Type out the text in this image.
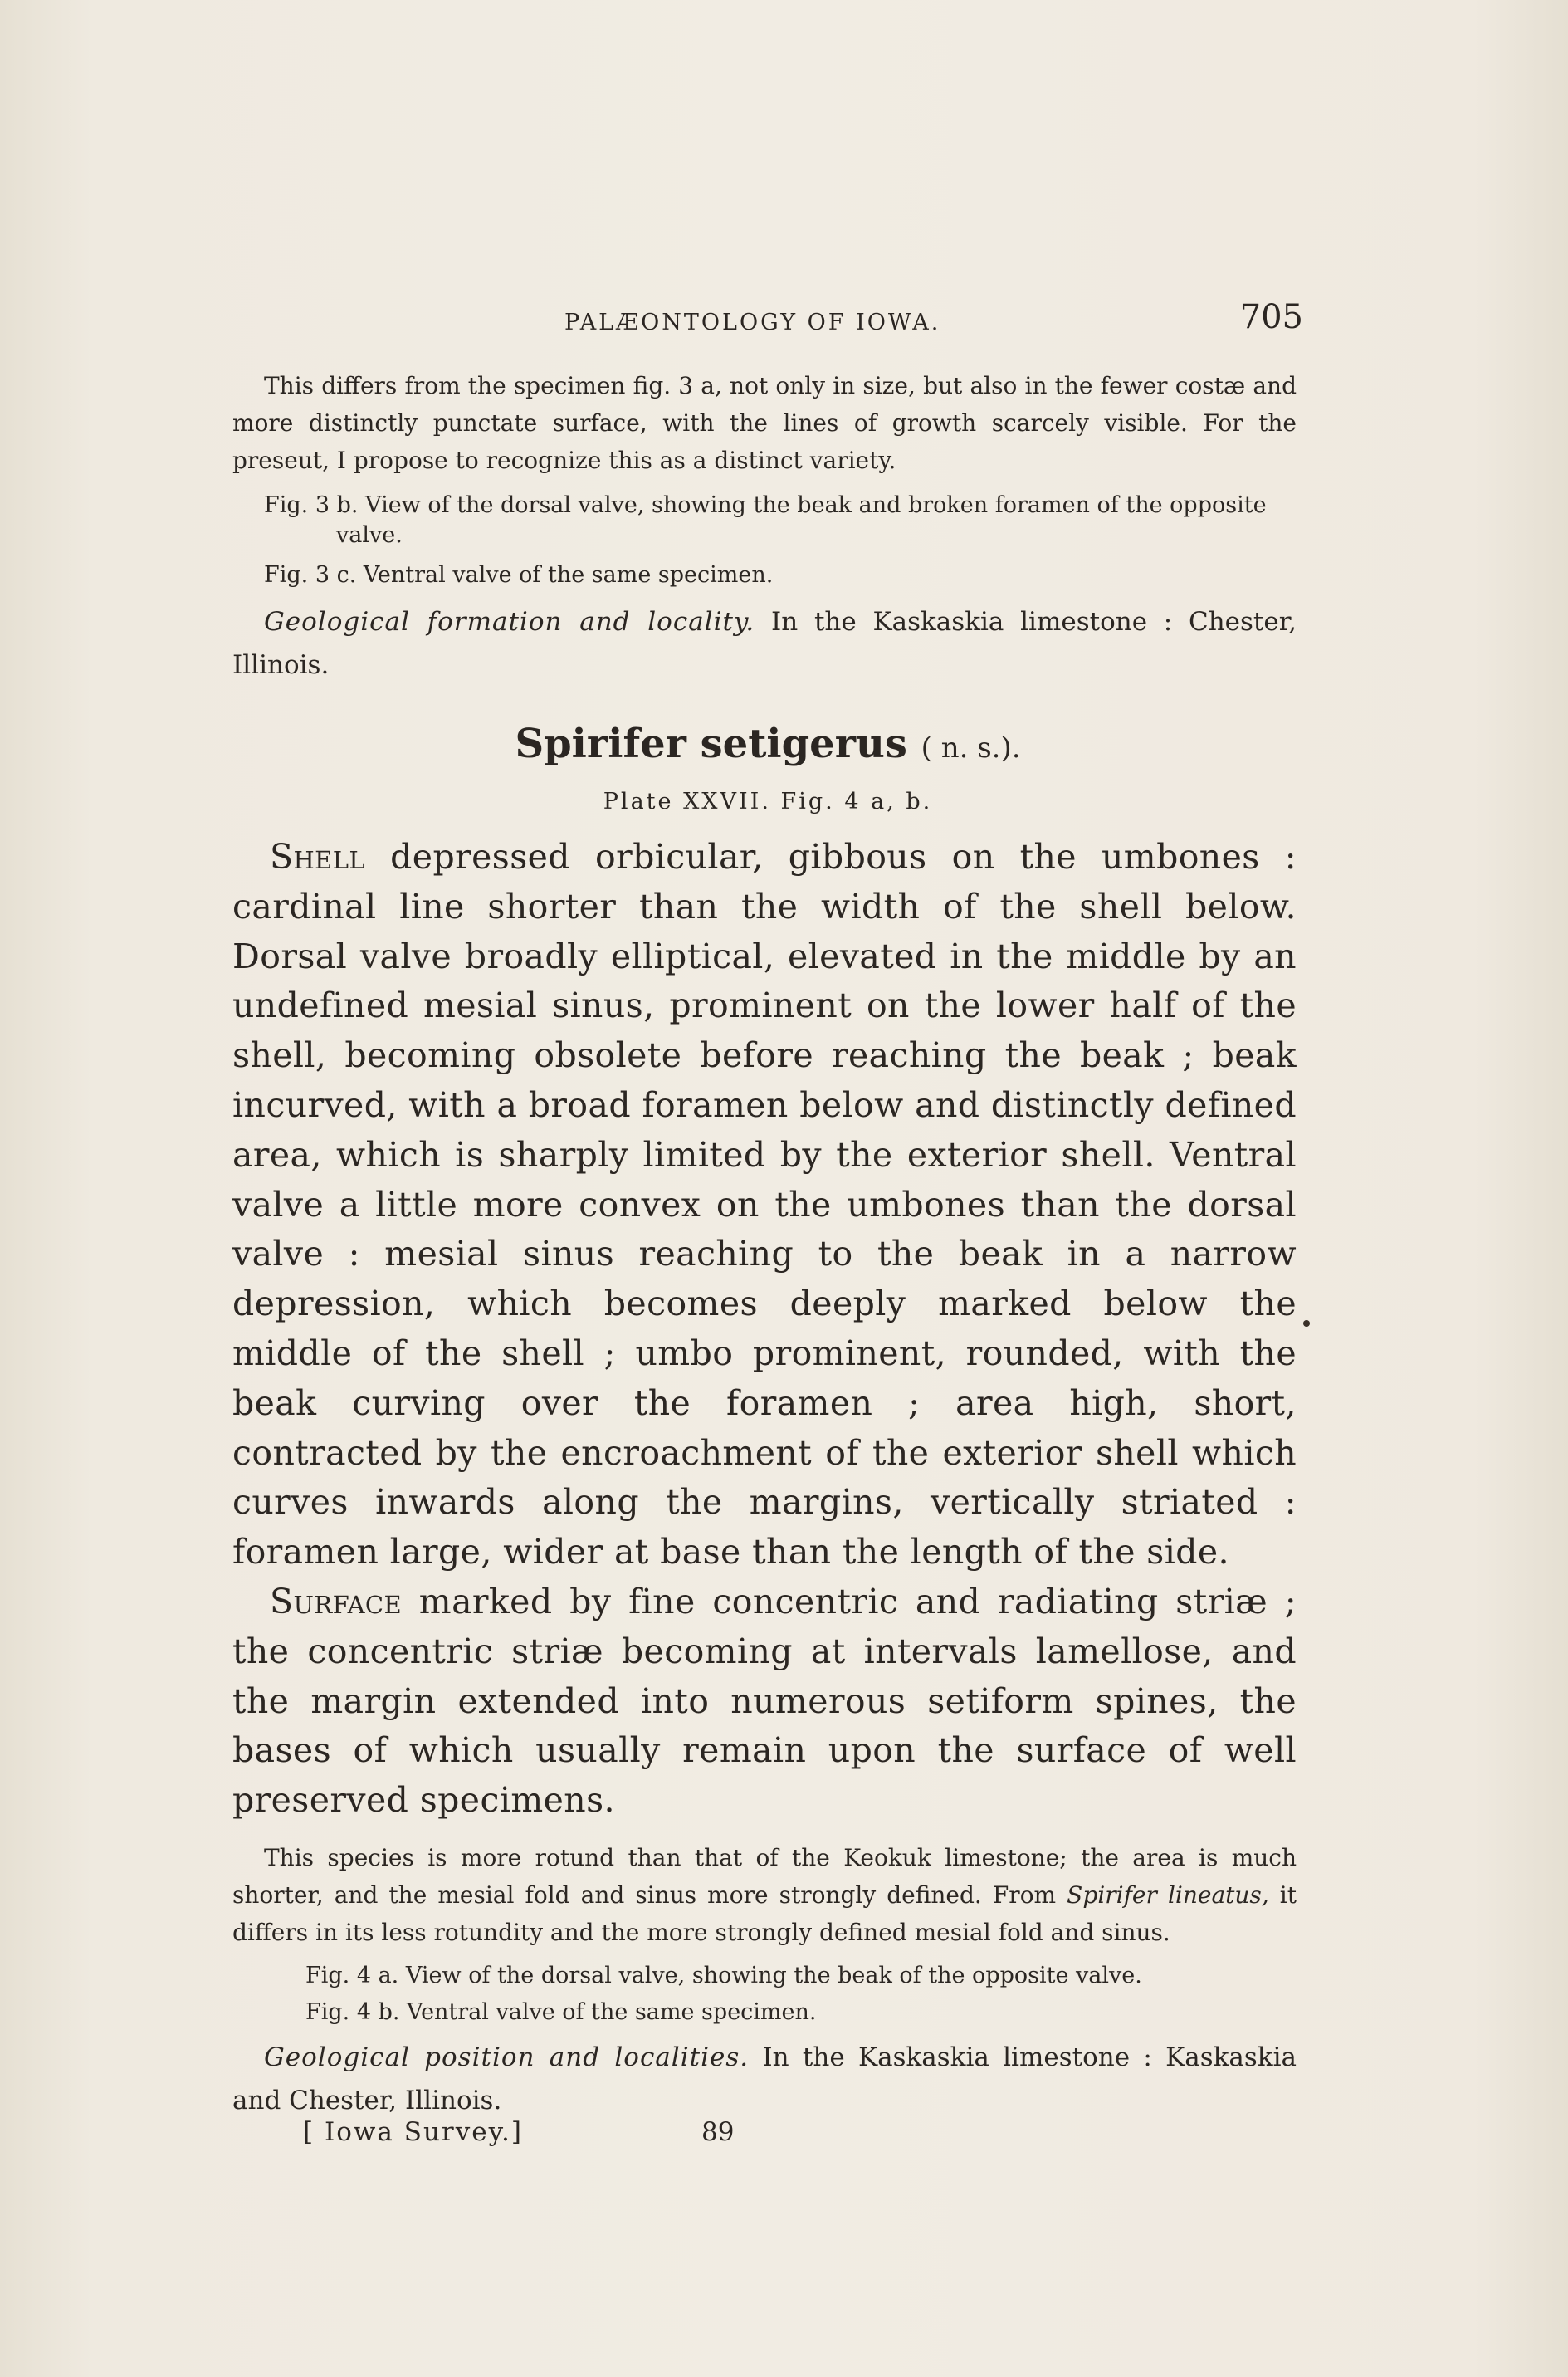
PALÆONTOLOGY OF IOWA.	705

This differs from the specimen fig. 3 a, not only in size, but also in the fewer costæ and more distinctly punctate surface, with the lines of growth scarcely visible. For the preseut, I propose to recognize this as a distinct variety.

Fig. 3 b. View of the dorsal valve, showing the beak and broken foramen of the opposite valve.

Fig. 3 c. Ventral valve of the same specimen.

Geological formation and locality. In the Kaskaskia limestone : Chester, Illinois.

Spirifer setigerus ( n. s.).
Plate XXVII. Fig. 4 a, b.

Shell depressed orbicular, gibbous on the umbones : cardinal line shorter than the width of the shell below. Dorsal valve broadly elliptical, elevated in the middle by an undefined mesial sinus, prominent on the lower half of the shell, becoming obsolete before reaching the beak ; beak incurved, with a broad foramen below and distinctly defined area, which is sharply limited by the exterior shell. Ventral valve a little more convex on the umbones than the dorsal valve : mesial sinus reaching to the beak in a narrow depression, which becomes deeply marked below the middle of the shell ; umbo prominent, rounded, with the beak curving over the foramen ; area high, short, contracted by the encroachment of the exterior shell which curves inwards along the margins, vertically striated : foramen large, wider at base than the length of the side.

Surface marked by fine concentric and radiating striæ ; the concentric striæ becoming at intervals lamellose, and the margin extended into numerous setiform spines, the bases of which usually remain upon the surface of well preserved specimens.

This species is more rotund than that of the Keokuk limestone; the area is much shorter, and the mesial fold and sinus more strongly defined. From Spirifer lineatus, it differs in its less rotundity and the more strongly defined mesial fold and sinus.

Fig. 4 a. View of the dorsal valve, showing the beak of the opposite valve.

Fig. 4 b. Ventral valve of the same specimen.

Geological position and localities. In the Kaskaskia limestone : Kaskaskia and Chester, Illinois.

[ Iowa Survey.]	89
